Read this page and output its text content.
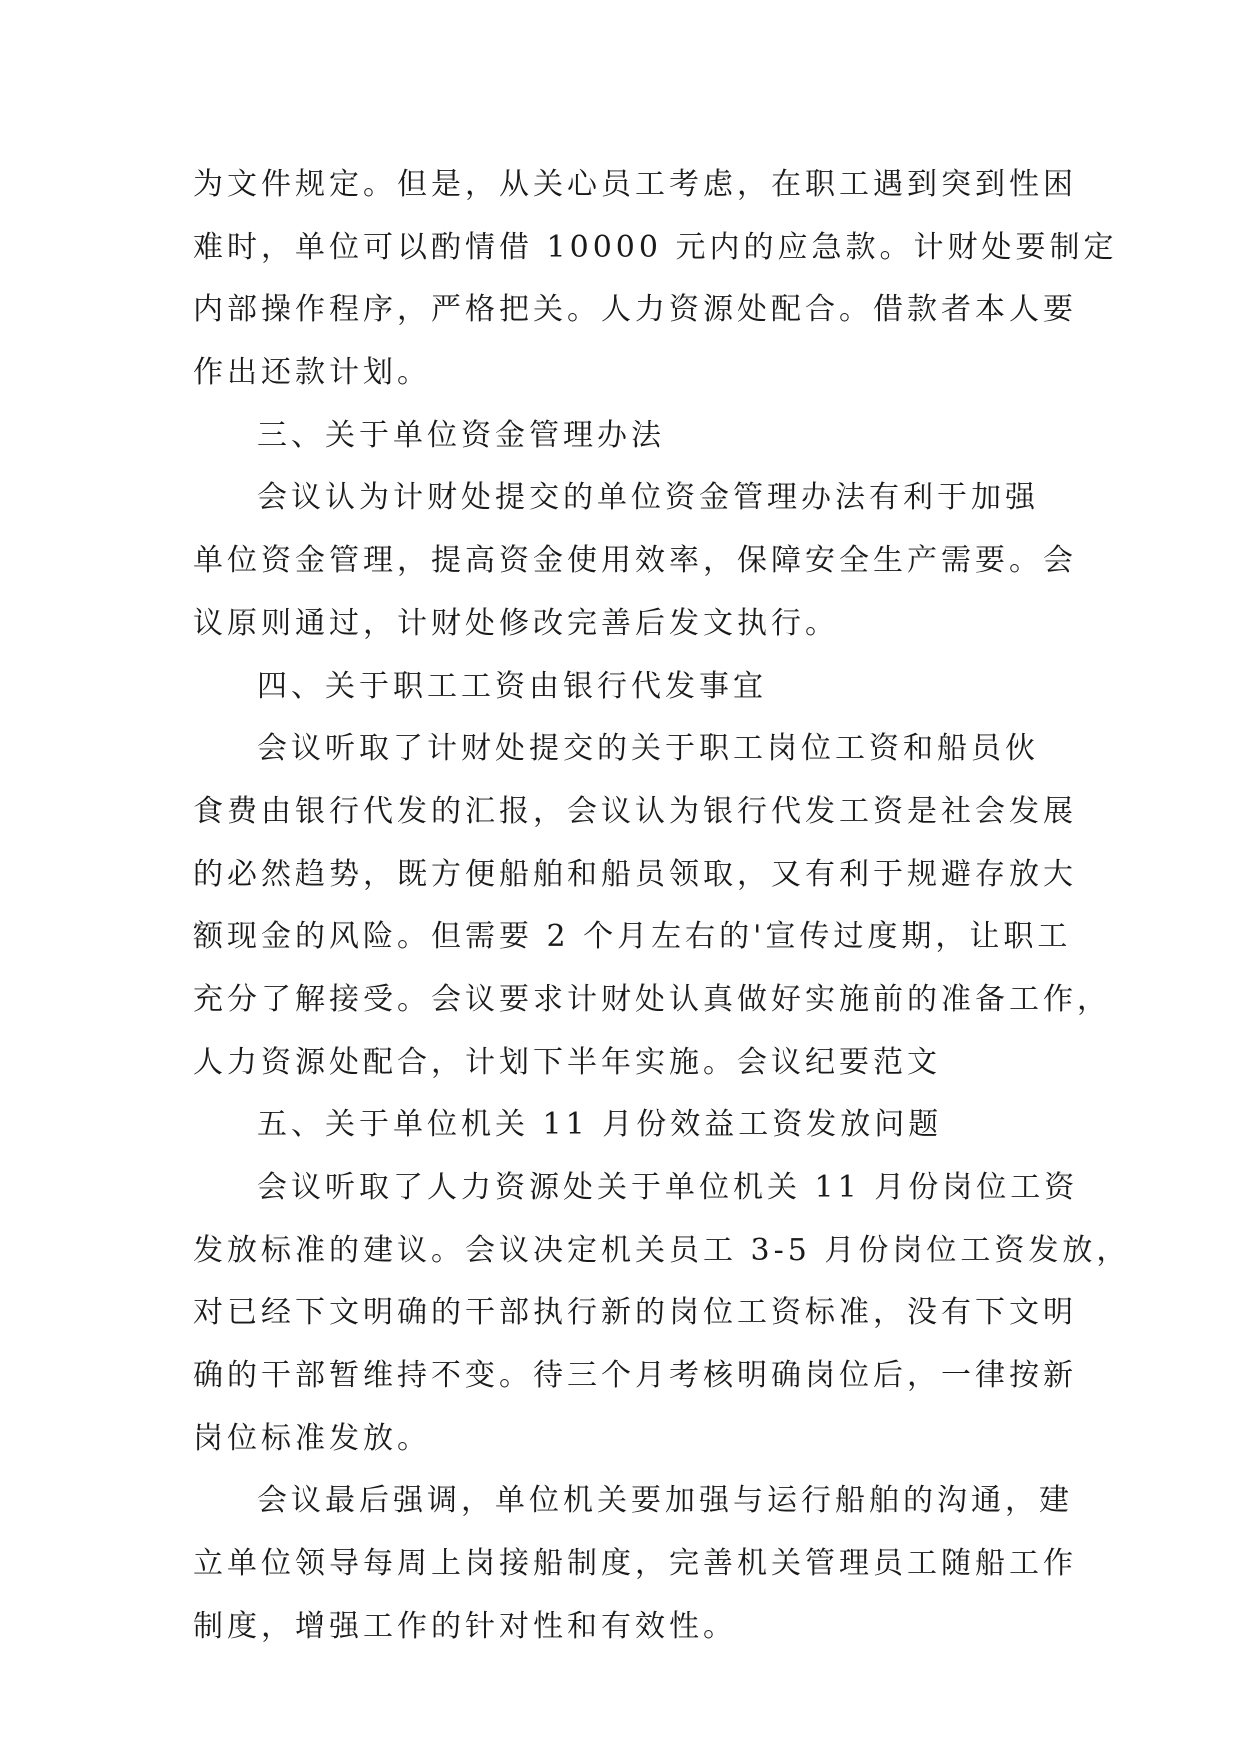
为文件规定。但是，从关心员工考虑，在职工遇到突到性困
难时，单位可以酌情借 10000 元内的应急款。计财处要制定
内部操作程序，严格把关。人力资源处配合。借款者本人要
作出还款计划。
三、关于单位资金管理办法
会议认为计财处提交的单位资金管理办法有利于加强
单位资金管理，提高资金使用效率，保障安全生产需要。会
议原则通过，计财处修改完善后发文执行。
四、关于职工工资由银行代发事宜
会议听取了计财处提交的关于职工岗位工资和船员伙
食费由银行代发的汇报，会议认为银行代发工资是社会发展
的必然趋势，既方便船舶和船员领取，又有利于规避存放大
额现金的风险。但需要 2 个月左右的'宣传过度期，让职工
充分了解接受。会议要求计财处认真做好实施前的准备工作，
人力资源处配合，计划下半年实施。会议纪要范文
五、关于单位机关 11 月份效益工资发放问题
会议听取了人力资源处关于单位机关 11 月份岗位工资
发放标准的建议。会议决定机关员工 3-5 月份岗位工资发放，
对已经下文明确的干部执行新的岗位工资标准，没有下文明
确的干部暂维持不变。待三个月考核明确岗位后，一律按新
岗位标准发放。
会议最后强调，单位机关要加强与运行船舶的沟通，建
立单位领导每周上岗接船制度，完善机关管理员工随船工作
制度，增强工作的针对性和有效性。
